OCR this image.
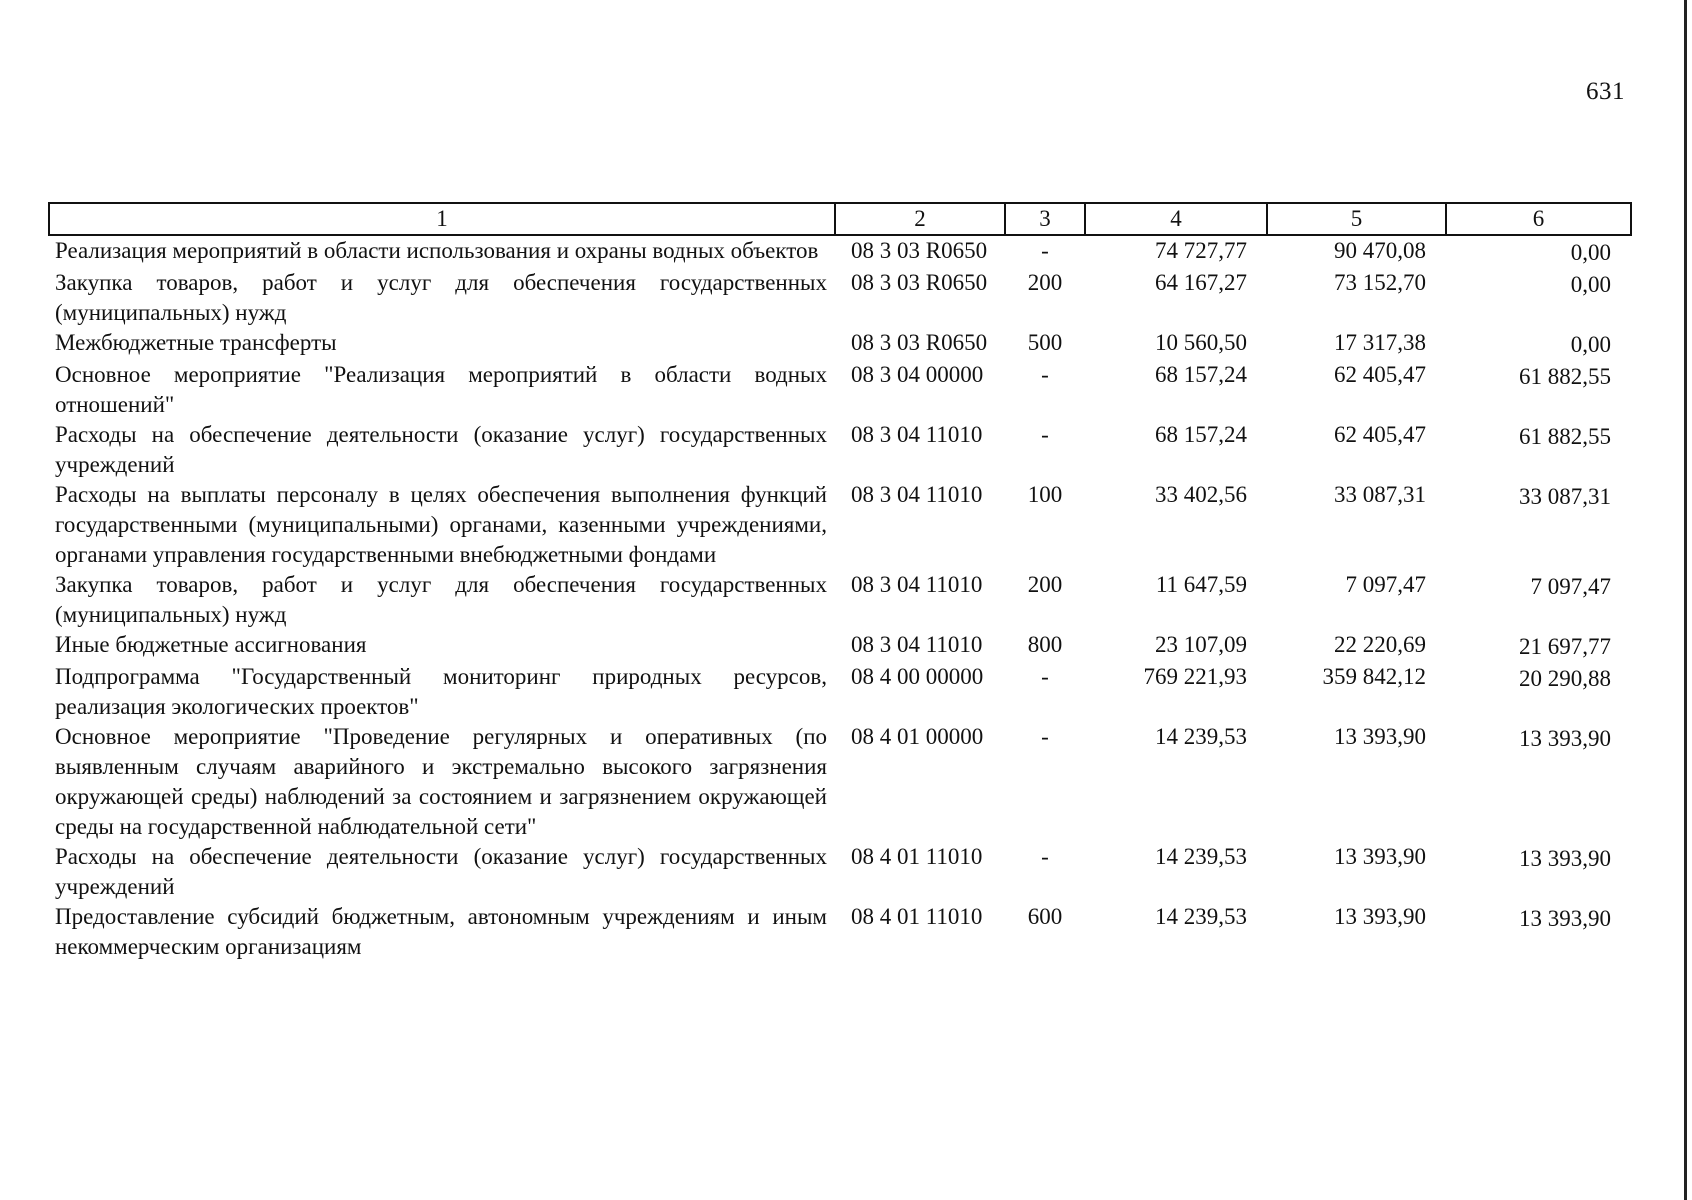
631
1	2	3	4	5	6
Реализация мероприятий в области использования и охраны водных объектов	08 3 03 R0650	-	74 727,77	90 470,08	0,00
Закупка товаров, работ и услуг для обеспечения государственных (муниципальных) нужд	08 3 03 R0650	200	64 167,27	73 152,70	0,00
Межбюджетные трансферты	08 3 03 R0650	500	10 560,50	17 317,38	0,00
Основное мероприятие "Реализация мероприятий в области водных отношений"	08 3 04 00000	-	68 157,24	62 405,47	61 882,55
Расходы на обеспечение деятельности (оказание услуг) государственных учреждений	08 3 04 11010	-	68 157,24	62 405,47	61 882,55
Расходы на выплаты персоналу в целях обеспечения выполнения функций государственными (муниципальными) органами, казенными учреждениями, органами управления государственными внебюджетными фондами	08 3 04 11010	100	33 402,56	33 087,31	33 087,31
Закупка товаров, работ и услуг для обеспечения государственных (муниципальных) нужд	08 3 04 11010	200	11 647,59	7 097,47	7 097,47
Иные бюджетные ассигнования	08 3 04 11010	800	23 107,09	22 220,69	21 697,77
Подпрограмма "Государственный мониторинг природных ресурсов, реализация экологических проектов"	08 4 00 00000	-	769 221,93	359 842,12	20 290,88
Основное мероприятие "Проведение регулярных и оперативных (по выявленным случаям аварийного и экстремально высокого загрязнения окружающей среды) наблюдений за состоянием и загрязнением окружающей среды на государственной наблюдательной сети"	08 4 01 00000	-	14 239,53	13 393,90	13 393,90
Расходы на обеспечение деятельности (оказание услуг) государственных учреждений	08 4 01 11010	-	14 239,53	13 393,90	13 393,90
Предоставление субсидий бюджетным, автономным учреждениям и иным некоммерческим организациям	08 4 01 11010	600	14 239,53	13 393,90	13 393,90
